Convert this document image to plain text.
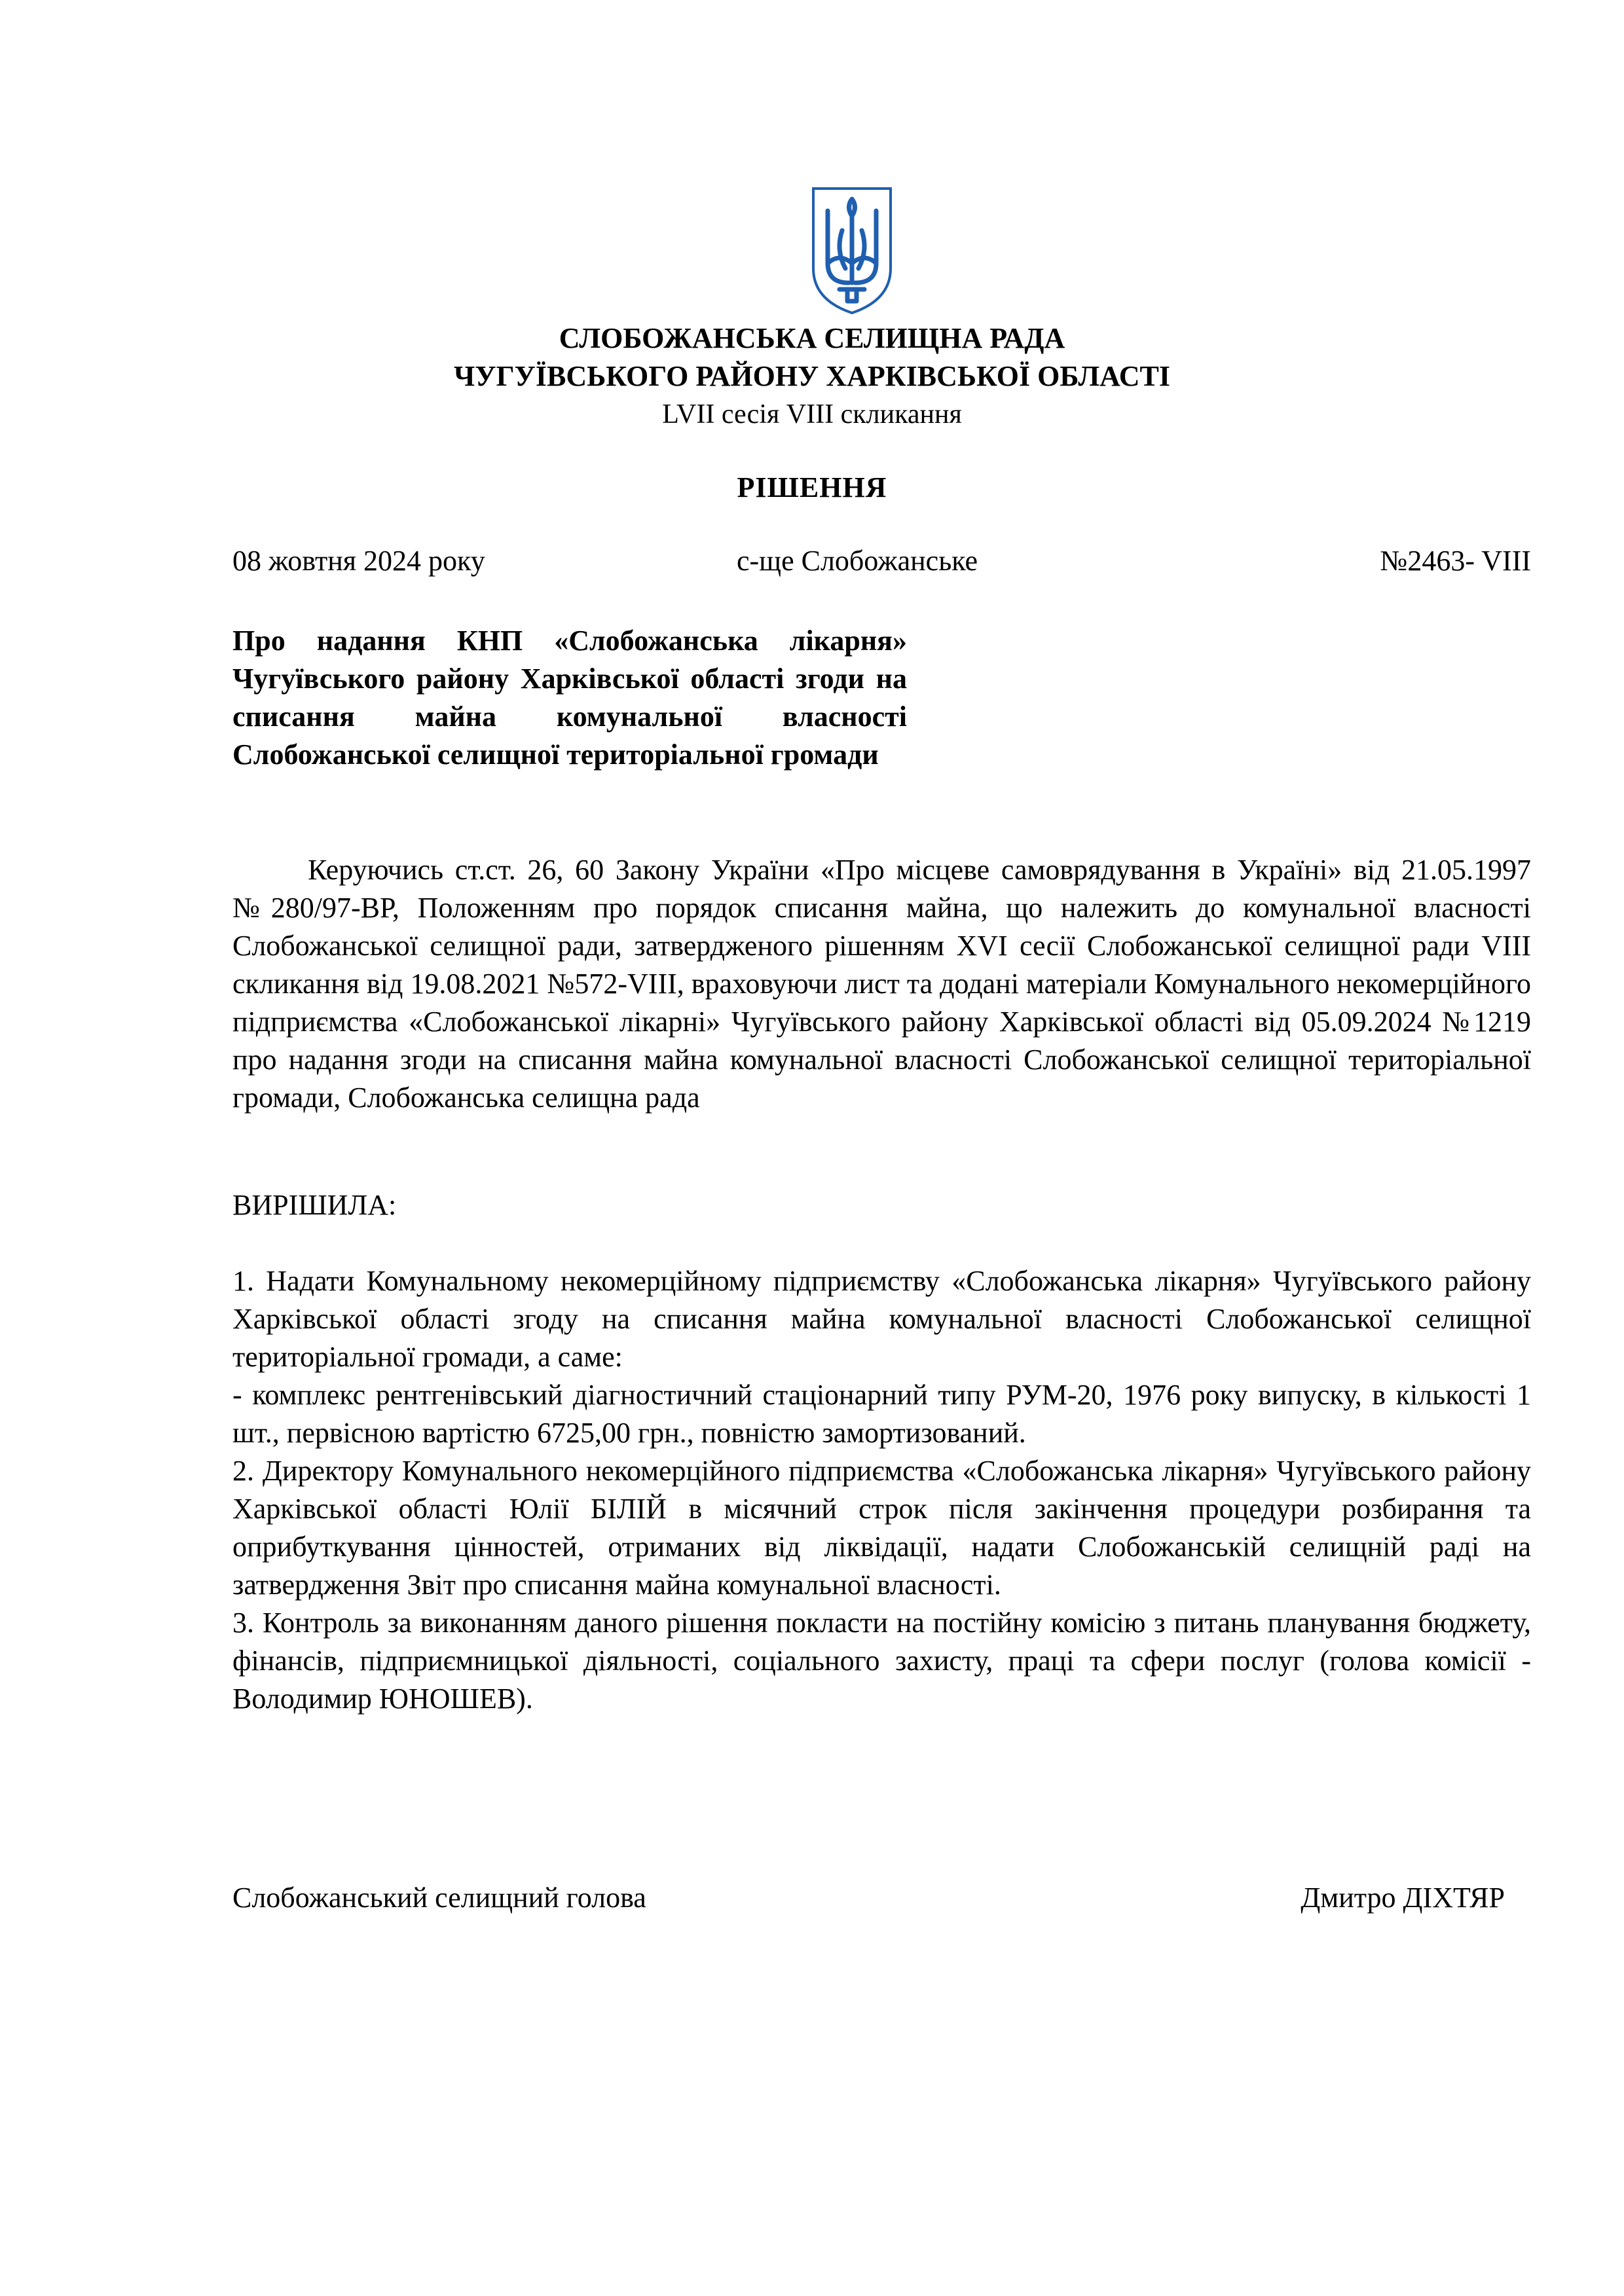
СЛОБОЖАНСЬКА СЕЛИЩНА РАДА
ЧУГУЇВСЬКОГО РАЙОНУ ХАРКІВСЬКОЇ ОБЛАСТІ
LVII сесія VIII скликання
РІШЕННЯ
08 жовтня 2024 року	с-ще Слобожанське	№2463- VIII
Про надання КНП «Слобожанська лікарня» Чугуївського району Харківської області згоди на списання майна комунальної власності Слобожанської селищної територіальної громади

Керуючись ст.ст. 26, 60 Закону України «Про місцеве самоврядування в Україні» від 21.05.1997 №280/97-ВР, Положенням про порядок списання майна, що належить до комунальної власності Слобожанської селищної ради, затвердженого рішенням XVI сесії Слобожанської селищної ради VIII скликання від 19.08.2021 №572-VIII, враховуючи лист та додані матеріали Комунального некомерційного підприємства «Слобожанської лікарні» Чугуївського району Харківської області від 05.09.2024 №1219 про надання згоди на списання майна комунальної власності Слобожанської селищної територіальної громади, Слобожанська селищна рада

ВИРІШИЛА:

1. Надати Комунальному некомерційному підприємству «Слобожанська лікарня» Чугуївського району Харківської області згоду на списання майна комунальної власності Слобожанської селищної територіальної громади, а саме:

- комплекс рентгенівський діагностичний стаціонарний типу РУМ-20, 1976 року випуску, в кількості 1 шт., первісною вартістю 6725,00 грн., повністю замортизований.

2. Директору Комунального некомерційного підприємства «Слобожанська лікарня» Чугуївського району Харківської області Юлії БІЛІЙ в місячний строк після закінчення процедури розбирання та оприбуткування цінностей, отриманих від ліквідації, надати Слобожанській селищній раді на затвердження Звіт про списання майна комунальної власності.

3. Контроль за виконанням даного рішення покласти на постійну комісію з питань планування бюджету, фінансів, підприємницької діяльності, соціального захисту, праці та сфери послуг (голова комісії - Володимир ЮНОШЕВ).

Слобожанський селищний голова	Дмитро ДІХТЯР
